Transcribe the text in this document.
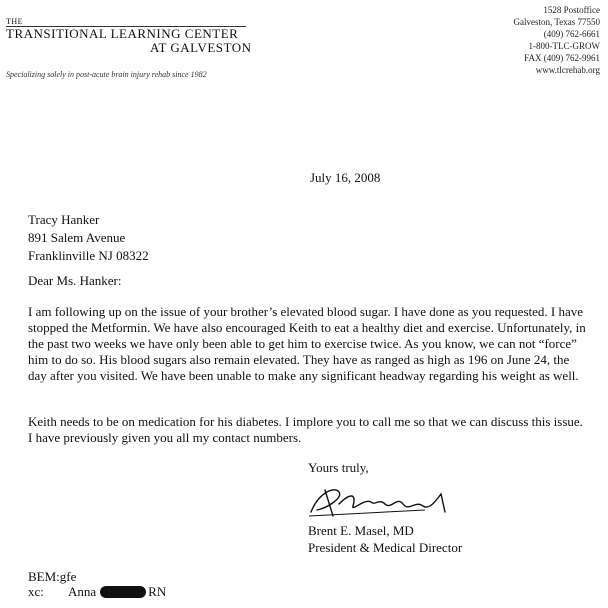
THE
TRANSITIONAL LEARNING CENTER
AT GALVESTON
Specializing solely in post-acute brain injury rehab since 1982
1528 Postoffice
Galveston, Texas 77550
(409) 762-6661
1-800-TLC-GROW
FAX (409) 762-9961
www.tlcrehab.org
July 16, 2008
Tracy Hanker
891 Salem Avenue
Franklinville NJ 08322
Dear Ms. Hanker:
I am following up on the issue of your brother’s elevated blood sugar. I have done as you requested. I have stopped the Metformin. We have also encouraged Keith to eat a healthy diet and exercise. Unfortunately, in the past two weeks we have only been able to get him to exercise twice. As you know, we can not “force” him to do so. His blood sugars also remain elevated. They have as ranged as high as 196 on June 24, the day after you visited. We have been unable to make any significant headway regarding his weight as well.
Keith needs to be on medication for his diabetes. I implore you to call me so that we can discuss this issue. I have previously given you all my contact numbers.
Yours truly,
Brent E. Masel, MD
President & Medical Director
BEM:gfe
xc:	Anna	RN
